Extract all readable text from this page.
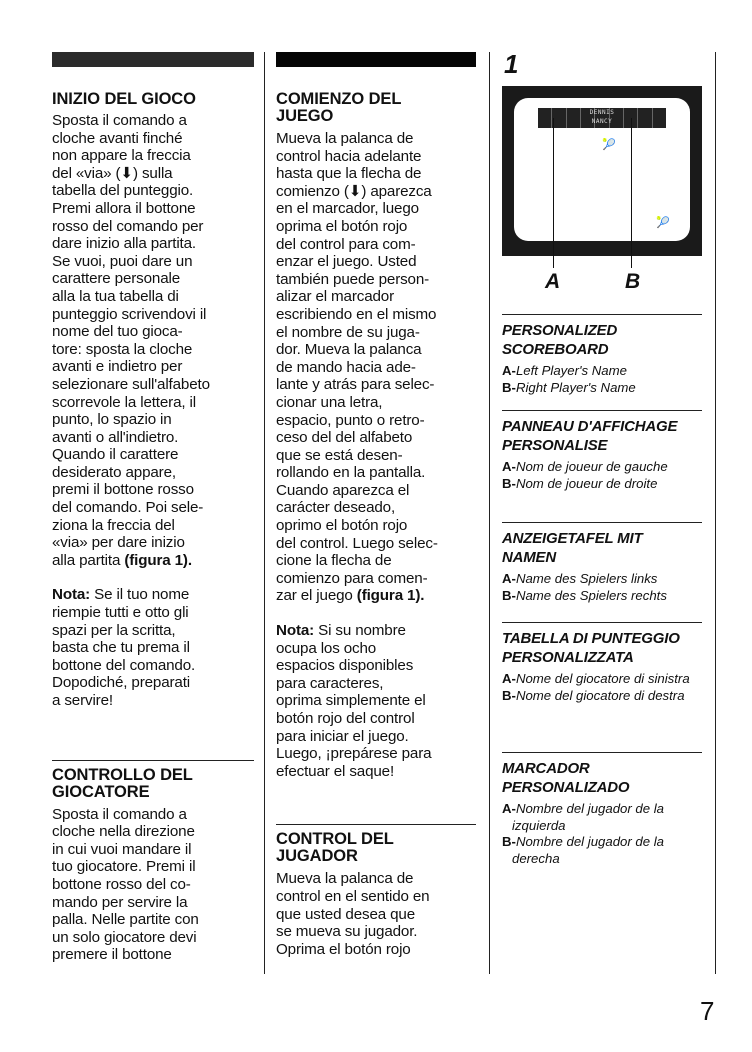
INIZIO DEL GIOCO

Sposta il comando a
cloche avanti finché
non appare la freccia
del «via» (⬇) sulla
tabella del punteggio.
Premi allora il bottone
rosso del comando per
dare inizio alla partita.
Se vuoi, puoi dare un
carattere personale
alla la tua tabella di
punteggio scrivendovi il
nome del tuo gioca-
tore: sposta la cloche
avanti e indietro per
selezionare sull'alfabeto
scorrevole la lettera, il
punto, lo spazio in
avanti o all'indietro.
Quando il carattere
desiderato appare,
premi il bottone rosso
del comando. Poi sele-
ziona la freccia del
«via» per dare inizio
alla partita (figura 1).

Nota: Se il tuo nome
riempie tutti e otto gli
spazi per la scritta,
basta che tu prema il
bottone del comando.
Dopodiché, preparati
a servire!

CONTROLLO DEL
GIOCATORE

Sposta il comando a
cloche nella direzione
in cui vuoi mandare il
tuo giocatore. Premi il
bottone rosso del co-
mando per servire la
palla. Nelle partite con
un solo giocatore devi
premere il bottone

COMIENZO DEL
JUEGO

Mueva la palanca de
control hacia adelante
hasta que la flecha de
comienzo (⬇) aparezca
en el marcador, luego
oprima el botón rojo
del control para com-
enzar el juego. Usted
también puede person-
alizar el marcador
escribiendo en el mismo
el nombre de su juga-
dor. Mueva la palanca
de mando hacia ade-
lante y atrás para selec-
cionar una letra,
espacio, punto o retro-
ceso del del alfabeto
que se está desen-
rollando en la pantalla.
Cuando aparezca el
carácter deseado,
oprimo el botón rojo
del control. Luego selec-
cione la flecha de
comienzo para comen-
zar el juego (figura 1).

Nota: Si su nombre
ocupa los ocho
espacios disponibles
para caracteres,
oprima simplemente el
botón rojo del control
para iniciar el juego.
Luego, ¡prepárese para
efectuar el saque!

CONTROL DEL
JUGADOR

Mueva la palanca de
control en el sentido en
que usted desea que
se mueva su jugador.
Oprima el botón rojo

1
DENNIS
NANCY
🎾
🎾
A	B
PERSONALIZED
SCOREBOARD
A-Left Player's Name
B-Right Player's Name
PANNEAU D'AFFICHAGE
PERSONALISE
A-Nom de joueur de gauche
B-Nom de joueur de droite
ANZEIGETAFEL MIT
NAMEN
A-Name des Spielers links
B-Name des Spielers rechts
TABELLA DI PUNTEGGIO
PERSONALIZZATA
A-Nome del giocatore di sinistra
B-Nome del giocatore di destra
MARCADOR
PERSONALIZADO
A-Nombre del jugador de la izquierda
B-Nombre del jugador de la derecha
7
